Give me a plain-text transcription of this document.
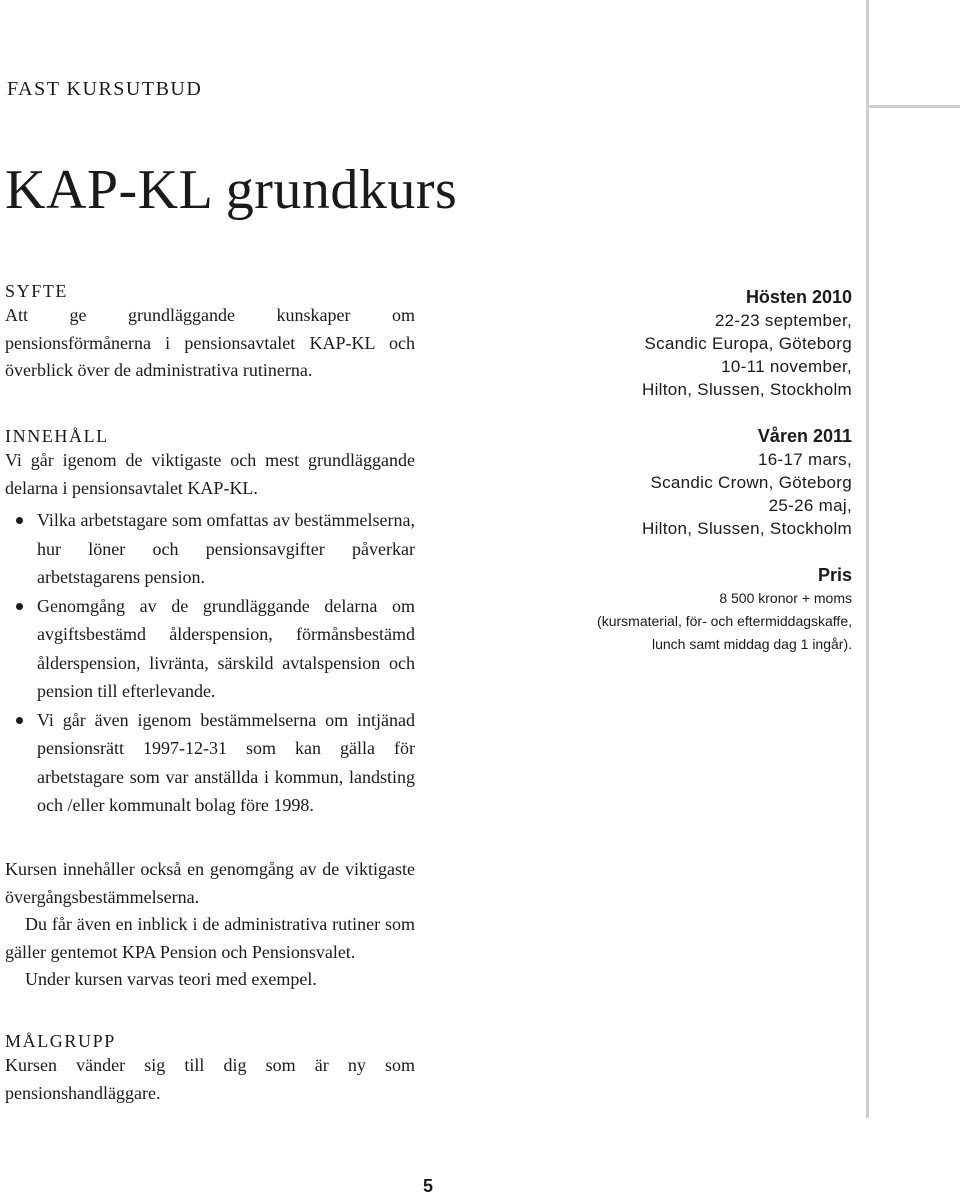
FAST KURSUTBUD
KAP-KL grundkurs
SYFTE

Att ge grundläggande kunskaper om pensionsförmånerna i pensionsavtalet KAP-KL och överblick över de administrativa rutinerna.

INNEHÅLL

Vi går igenom de viktigaste och mest grundläggande delarna i pensionsavtalet KAP-KL.

Vilka arbetstagare som omfattas av bestämmelserna, hur löner och pensionsavgifter påverkar arbetstagarens pension.
Genomgång av de grundläggande delarna om avgiftsbestämd ålderspension, förmånsbestämd ålderspension, livränta, särskild avtalspension och pension till efterlevande.
Vi går även igenom bestämmelserna om intjänad pensionsrätt 1997-12-31 som kan gälla för arbetstagare som var anställda i kommun, landsting och /eller kommunalt bolag före 1998.

Kursen innehåller också en genomgång av de viktigaste övergångsbestämmelserna.

Du får även en inblick i de administrativa rutiner som gäller gentemot KPA Pension och Pensionsvalet.

Under kursen varvas teori med exempel.

MÅLGRUPP

Kursen vänder sig till dig som är ny som pensionshandläggare.

Hösten 2010
22-23 september,
Scandic Europa, Göteborg
10-11 november,
Hilton, Slussen, Stockholm
Våren 2011
16-17 mars,
Scandic Crown, Göteborg
25-26 maj,
Hilton, Slussen, Stockholm
Pris
8 500 kronor + moms
(kursmaterial, för- och eftermiddagskaffe,
lunch samt middag dag 1 ingår).
5
